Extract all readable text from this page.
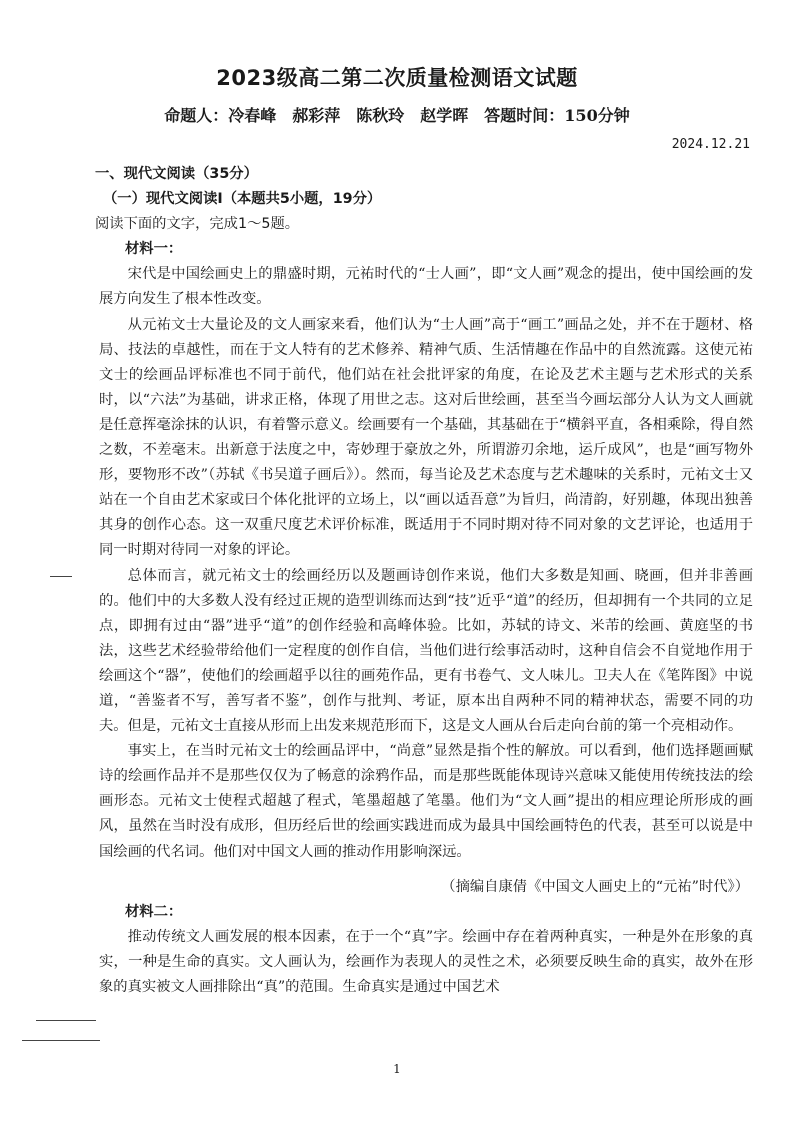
2023级高二第二次质量检测语文试题
命题人：冷春峰　郝彩萍　陈秋玲　赵学晖　答题时间：150分钟
2024.12.21
一、现代文阅读（35分）
（一）现代文阅读Ⅰ（本题共5小题，19分）
阅读下面的文字，完成1～5题。
材料一：

宋代是中国绘画史上的鼎盛时期，元祐时代的“士人画”，即“文人画”观念的提出，使中国绘画的发展方向发生了根本性改变。

从元祐文士大量论及的文人画家来看，他们认为“士人画”高于“画工”画品之处，并不在于题材、格局、技法的卓越性，而在于文人特有的艺术修养、精神气质、生活情趣在作品中的自然流露。这使元祐文士的绘画品评标准也不同于前代，他们站在社会批评家的角度，在论及艺术主题与艺术形式的关系时，以“六法”为基础，讲求正格，体现了用世之志。这对后世绘画，甚至当今画坛部分人认为文人画就是任意挥毫涂抹的认识，有着警示意义。绘画要有一个基础，其基础在于“横斜平直，各相乘除，得自然之数，不差毫末。出新意于法度之中，寄妙理于豪放之外，所谓游刃余地，运斤成风”，也是“画写物外形，要物形不改”（苏轼《书吴道子画后》）。然而，每当论及艺术态度与艺术趣味的关系时，元祐文士又站在一个自由艺术家或曰个体化批评的立场上，以“画以适吾意”为旨归，尚清韵，好别趣，体现出独善其身的创作心态。这一双重尺度艺术评价标准，既适用于不同时期对待不同对象的文艺评论，也适用于同一时期对待同一对象的评论。

总体而言，就元祐文士的绘画经历以及题画诗创作来说，他们大多数是知画、晓画，但并非善画的。他们中的大多数人没有经过正规的造型训练而达到“技”近乎“道”的经历，但却拥有一个共同的立足点，即拥有过由“器”进乎“道”的创作经验和高峰体验。比如，苏轼的诗文、米芾的绘画、黄庭坚的书法，这些艺术经验带给他们一定程度的创作自信，当他们进行绘事活动时，这种自信会不自觉地作用于绘画这个“器”，使他们的绘画超乎以往的画苑作品，更有书卷气、文人味儿。卫夫人在《笔阵图》中说道，“善鉴者不写，善写者不鉴”，创作与批判、考证，原本出自两种不同的精神状态，需要不同的功夫。但是，元祐文士直接从形而上出发来规范形而下，这是文人画从台后走向台前的第一个亮相动作。

事实上，在当时元祐文士的绘画品评中，“尚意”显然是指个性的解放。可以看到，他们选择题画赋诗的绘画作品并不是那些仅仅为了畅意的涂鸦作品，而是那些既能体现诗兴意味又能使用传统技法的绘画形态。元祐文士使程式超越了程式，笔墨超越了笔墨。他们为“文人画”提出的相应理论所形成的画风，虽然在当时没有成形，但历经后世的绘画实践进而成为最具中国绘画特色的代表，甚至可以说是中国绘画的代名词。他们对中国文人画的推动作用影响深远。

（摘编自康倩《中国文人画史上的“元祐”时代》）
材料二：

推动传统文人画发展的根本因素，在于一个“真”字。绘画中存在着两种真实，一种是外在形象的真实，一种是生命的真实。文人画认为，绘画作为表现人的灵性之术，必须要反映生命的真实，故外在形象的真实被文人画排除出“真”的范围。生命真实是通过中国艺术

1
